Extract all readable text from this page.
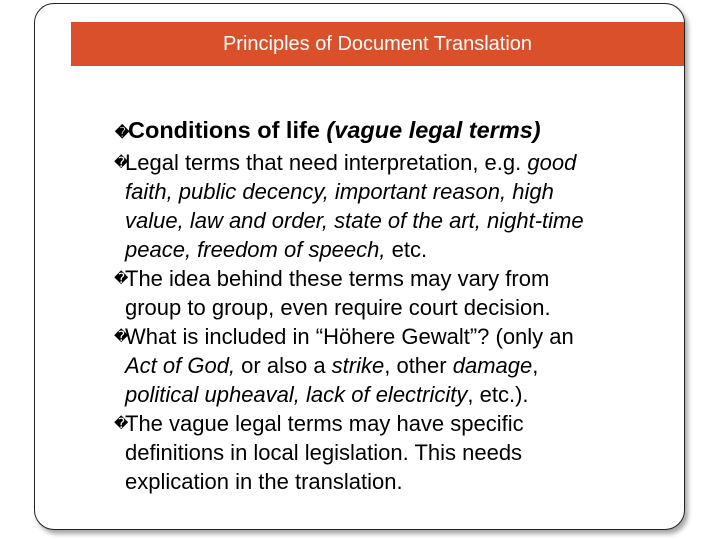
Principles of Document Translation
�
Conditions of life (vague legal terms)
�
Legal terms that need interpretation, e.g. good
faith, public decency, important reason, high
value, law and order, state of the art, night-time
peace, freedom of speech, etc.
�
The idea behind these terms may vary from
group to group, even require court decision.
�
What is included in “Höhere Gewalt”? (only an
Act of God, or also a strike, other damage,
political upheaval, lack of electricity, etc.).
�
The vague legal terms may have specific
definitions in local legislation. This needs
explication in the translation.
